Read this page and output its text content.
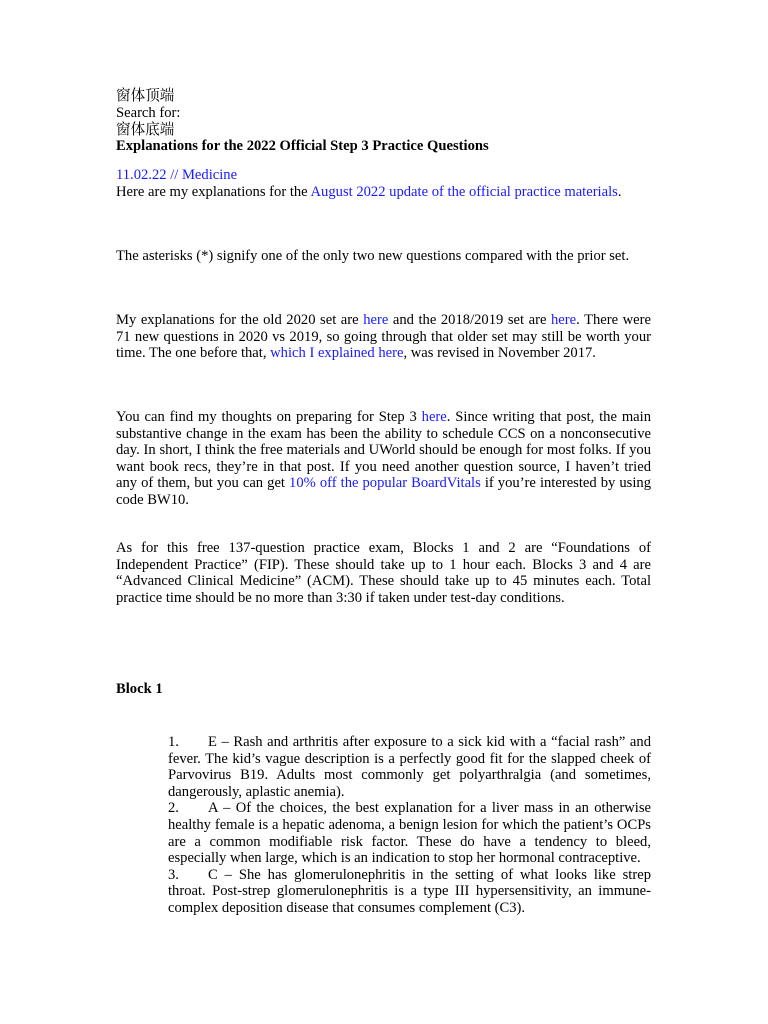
窗体顶端
Search for:
窗体底端
Explanations for the 2022 Official Step 3 Practice Questions
11.02.22 // Medicine

Here are my explanations for the August 2022 update of the official practice materials.

The asterisks (*) signify one of the only two new questions compared with the prior set.

My explanations for the old 2020 set are here and the 2018/2019 set are here. There were 71 new questions in 2020 vs 2019, so going through that older set may still be worth your time. The one before that, which I explained here, was revised in November 2017.

You can find my thoughts on preparing for Step 3 here. Since writing that post, the main substantive change in the exam has been the ability to schedule CCS on a nonconsecutive day. In short, I think the free materials and UWorld should be enough for most folks. If you want book recs, they’re in that post. If you need another question source, I haven’t tried any of them, but you can get 10% off the popular BoardVitals if you’re interested by using code BW10.

As for this free 137-question practice exam, Blocks 1 and 2 are “Foundations of Independent Practice” (FIP). These should take up to 1 hour each. Blocks 3 and 4 are “Advanced Clinical Medicine” (ACM). These should take up to 45 minutes each. Total practice time should be no more than 3:30 if taken under test-day conditions.

Block 1
1. E – Rash and arthritis after exposure to a sick kid with a “facial rash” and fever. The kid’s vague description is a perfectly good fit for the slapped cheek of Parvovirus B19. Adults most commonly get polyarthralgia (and sometimes, dangerously, aplastic anemia).
2. A – Of the choices, the best explanation for a liver mass in an otherwise healthy female is a hepatic adenoma, a benign lesion for which the patient’s OCPs are a common modifiable risk factor. These do have a tendency to bleed, especially when large, which is an indication to stop her hormonal contraceptive.
3. C – She has glomerulonephritis in the setting of what looks like strep throat. Post-strep glomerulonephritis is a type III hypersensitivity, an immune-complex deposition disease that consumes complement (C3).
